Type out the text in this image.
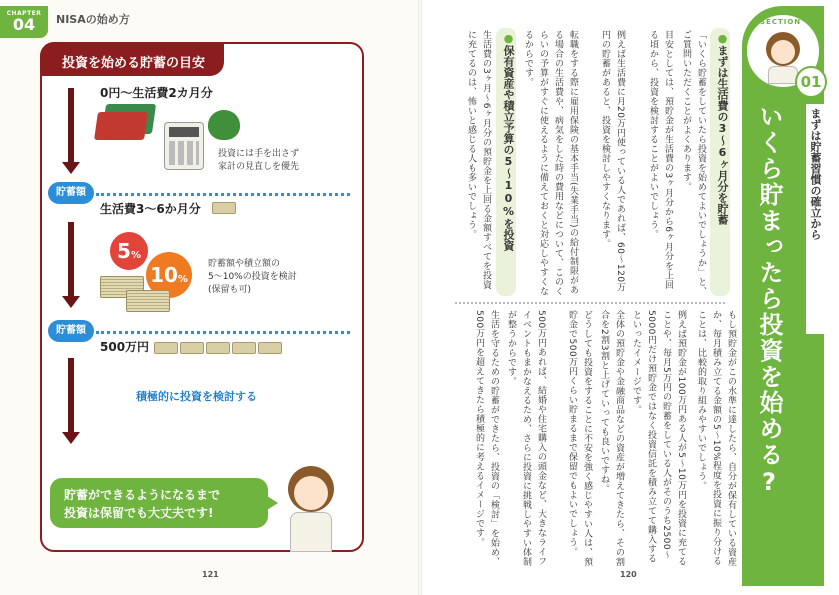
CHAPTER
04	NISAの始め方
投資を始める貯蓄の目安
0円〜生活費2カ月分
投資には手を出さず
家計の見直しを優先
貯蓄額
生活費3〜6か月分
5%
10%
貯蓄額や積立額の
5〜10%の投資を検討
(保留も可)
貯蓄額
500万円
積極的に投資を検討する
貯蓄ができるようになるまで
投資は保留でも大丈夫です!
121
SECTION
01
まずは貯蓄習慣の確立から
いくら貯まったら投資を始める?
●まずは生活費の3〜6ヶ月分を貯蓄
「いくら貯蓄をしていたら投資を始めてよいでしょうか」と、ご質問いただくことがよくあります。
目安としては、預貯金が生活費の3ヶ月分から6ヶ月分を上回る頃から、投資を検討することがよいでしょう。
例えば生活費に月20万円使っている人であれば、60〜120万円の貯蓄があると、投資を検討しやすくなります。
転職をする際に雇用保険の基本手当(失業手当)の給付制限がある場合の生活費や、病気をした時の費用などについて、このくらいの予算がすぐに使えるように備えておくと対応しやすくなるからです。
●保有資産や積立予算の5〜10%を投資
生活費の3ヶ月〜6ヶ月分の預貯金を上回る金額すべてを投資に充てるのは、怖いと感じる人も多いでしょう。
もし預貯金がこの水準に達したら、自分が保有している資産か、毎月積み立てる金額の5〜10%程度を投資に振り分けることは、比較的取り組みやすいでしょう。
例えば預貯金が100万円ある人が5〜10万円を投資に充てることや、毎月5万円の貯蓄をしている人がそのうち2500〜5000円だけ預貯金ではなく投資信託を積み立てて購入するといったイメージです。
全体の預貯金や金融商品などの資産が増えてきたら、その割合を2割3割と上げていっても良いですね。
どうしても投資をすることに不安を強く感じやすい人は、預貯金で500万円くらい貯まるまで保留でもよいでしょう。
500万円あれば、結婚や住宅購入の頭金など、大きなライフイベントもまかなえるため、さらに投資に挑戦しやすい体制が整うからです。
生活を守るための貯蓄ができたら、投資の「検討」を始め、500万円を超えてきたら積極的に考えるイメージです。
120
